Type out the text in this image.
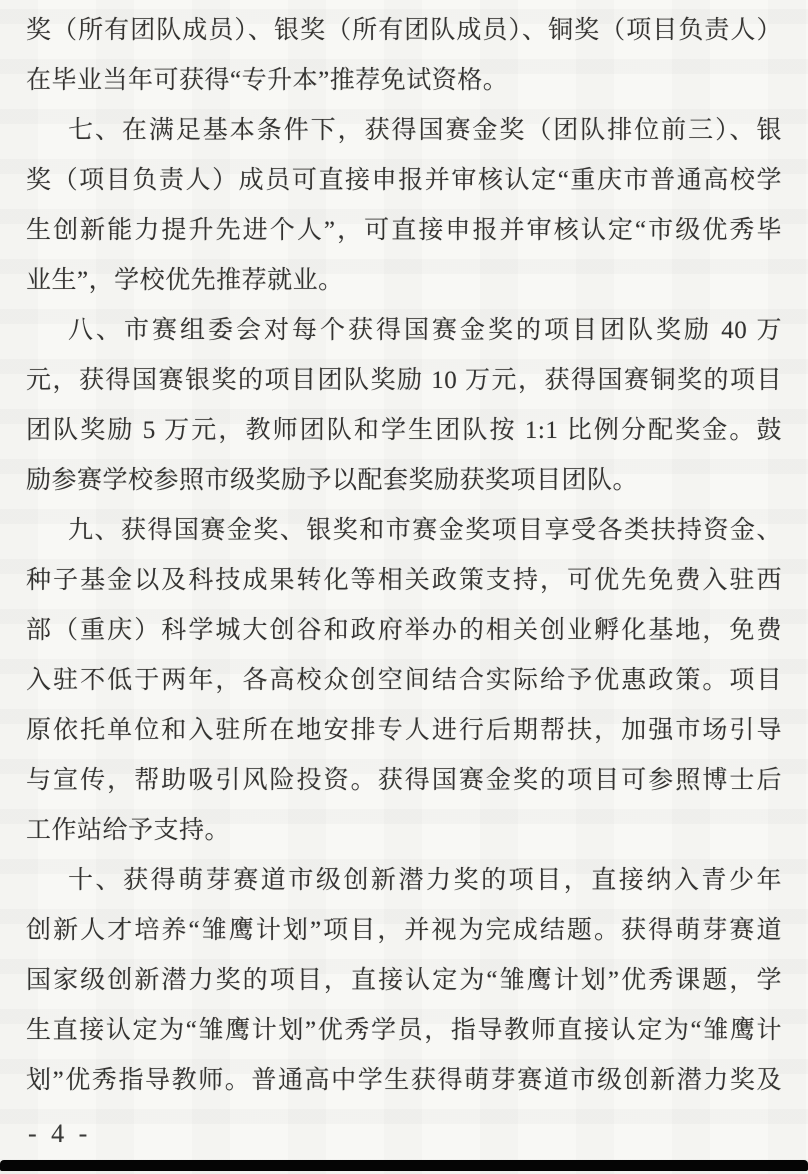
奖（所有团队成员）、银奖（所有团队成员）、铜奖（项目负责人）
在毕业当年可获得“专升本”推荐免试资格。
七、在满足基本条件下，获得国赛金奖（团队排位前三）、银
奖（项目负责人）成员可直接申报并审核认定“重庆市普通高校学
生创新能力提升先进个人”，可直接申报并审核认定“市级优秀毕
业生”，学校优先推荐就业。
八、市赛组委会对每个获得国赛金奖的项目团队奖励 40 万
元，获得国赛银奖的项目团队奖励 10 万元，获得国赛铜奖的项目
团队奖励 5 万元，教师团队和学生团队按 1:1 比例分配奖金。鼓
励参赛学校参照市级奖励予以配套奖励获奖项目团队。
九、获得国赛金奖、银奖和市赛金奖项目享受各类扶持资金、
种子基金以及科技成果转化等相关政策支持，可优先免费入驻西
部（重庆）科学城大创谷和政府举办的相关创业孵化基地，免费
入驻不低于两年，各高校众创空间结合实际给予优惠政策。项目
原依托单位和入驻所在地安排专人进行后期帮扶，加强市场引导
与宣传，帮助吸引风险投资。获得国赛金奖的项目可参照博士后
工作站给予支持。
十、获得萌芽赛道市级创新潜力奖的项目，直接纳入青少年
创新人才培养“雏鹰计划”项目，并视为完成结题。获得萌芽赛道
国家级创新潜力奖的项目，直接认定为“雏鹰计划”优秀课题，学
生直接认定为“雏鹰计划”优秀学员，指导教师直接认定为“雏鹰计
划”优秀指导教师。普通高中学生获得萌芽赛道市级创新潜力奖及
- 4 -
